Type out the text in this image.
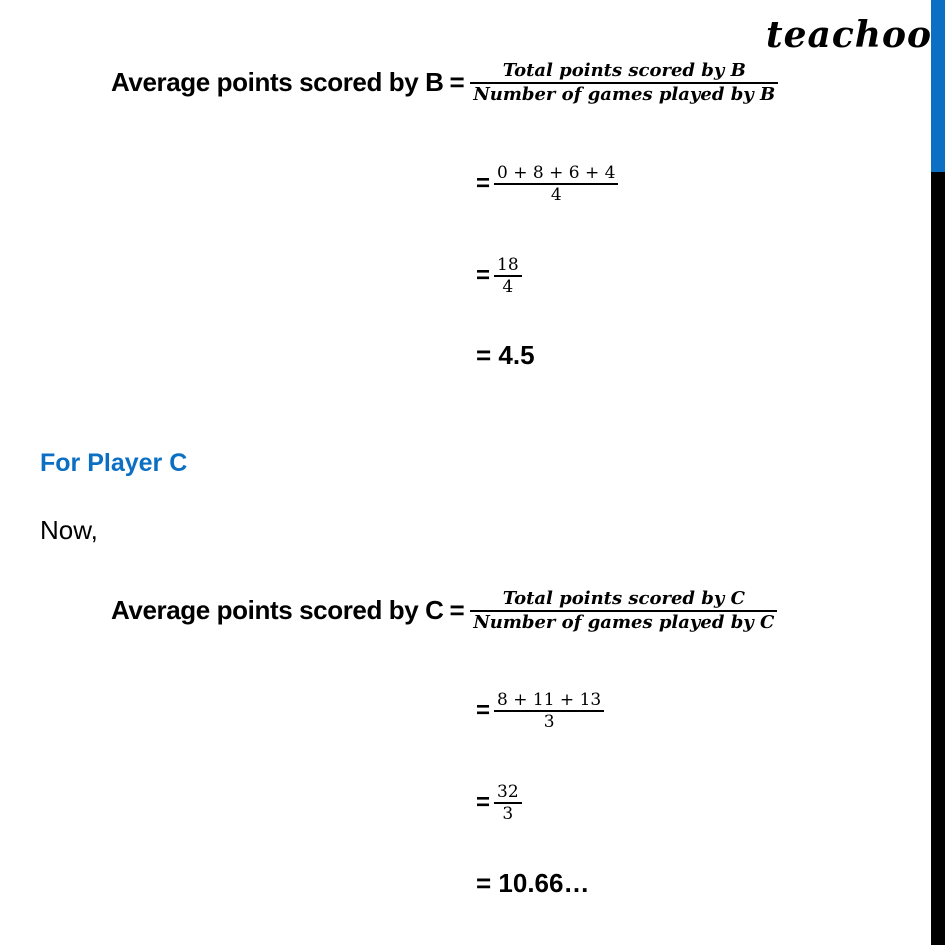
teachoo
Average points scored by $B = \frac{\text{Total points scored by B}}{\text{Number of games played by B}}$
= $\frac{0 + 8 + 6 + 4}{4}$
= $\frac{18}{4}$
= 4.5
For Player C
Now,
Average points scored by $C = \frac{\text{Total points scored by C}}{\text{Number of games played by C}}$
= $\frac{8 + 11 + 13}{3}$
= $\frac{32}{3}$
= 10.66…
